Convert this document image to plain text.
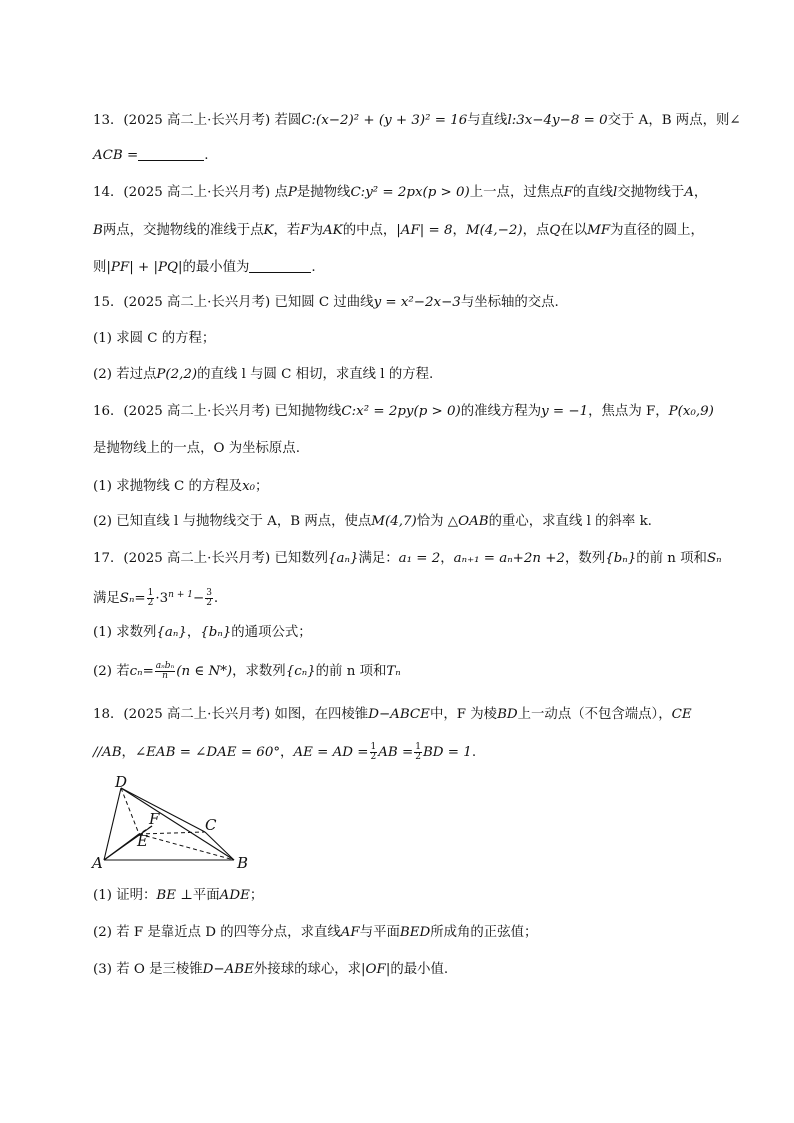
13．(2025 高二上·长兴月考) 若圆C:(x−2)² + (y + 3)² = 16与直线l:3x−4y−8 = 0交于 A，B 两点，则∠
ACB =	.
14．(2025 高二上·长兴月考) 点P是抛物线C:y² = 2px(p > 0)上一点，过焦点F的直线l交抛物线于A，
B两点，交抛物线的准线于点K，若F为AK的中点，|AF| = 8，M(4,−2)，点Q在以MF为直径的圆上，
则|PF| + |PQ|的最小值为	.
15．(2025 高二上·长兴月考) 已知圆 C 过曲线y = x²−2x−3与坐标轴的交点.
(1) 求圆 C 的方程；
(2) 若过点P(2,2)的直线 l 与圆 C 相切，求直线 l 的方程.
16．(2025 高二上·长兴月考) 已知抛物线C:x² = 2py(p > 0)的准线方程为y = −1，焦点为 F，P(x₀,9)
是抛物线上的一点，O 为坐标原点.
(1) 求抛物线 C 的方程及x₀；
(2) 已知直线 l 与抛物线交于 A，B 两点，使点M(4,7)恰为 △OAB的重心，求直线 l 的斜率 k.
17．(2025 高二上·长兴月考) 已知数列{aₙ}满足：a₁ = 2，aₙ₊₁ = aₙ+2n +2，数列{bₙ}的前 n 项和Sₙ
满足$S_n= \frac{1}{2} \cdot 3^{n + 1}- \frac{3}{2}$ .
(1) 求数列{aₙ}，{bₙ}的通项公式；
(2) 若$c_n= \frac{\text{aₙbₙ}}{n} (n$ ∈ N*)，求数列{cₙ}的前 n 项和Tₙ
18．(2025 高二上·长兴月考) 如图，在四棱锥D−ABCE中，F 为棱BD上一动点（不包含端点），CE
//AB，∠EAB = ∠DAE = 60°，AE = AD = $\frac{1}{2}$ AB = $\frac{1}{2}$ BD = 1.
D
F	C
E
A	B
(1) 证明：BE ⊥平面ADE；
(2) 若 F 是靠近点 D 的四等分点，求直线AF与平面BED所成角的正弦值；
(3) 若 O 是三棱锥D−ABE外接球的球心，求|OF|的最小值.
